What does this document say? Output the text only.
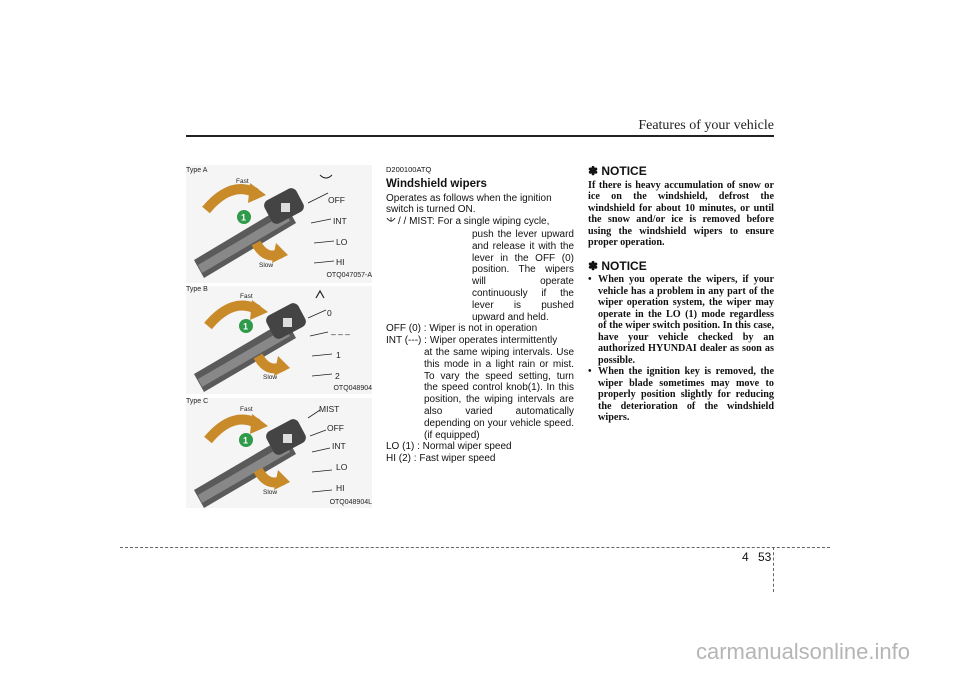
Features of your vehicle
1
Type A
Fast
Slow
OFF
INT
LO
HI
OTQ047057-A
1
Type B
Fast
Slow
0
– – –
1
2
OTQ048904
1
Type C
Fast
Slow
MIST
OFF
INT
LO
HI
OTQ048904L
D200100ATQ
Windshield wipers

Operates as follows when the ignition switch is turned ON.

/ / MIST: For a single wiping cycle,

push the lever upward and release it with the lever in the OFF (0) position. The wipers will operate continuously if the lever is pushed upward and held.

OFF (0) : Wiper is not in operation

INT (---) : Wiper operates intermittently

at the same wiping intervals. Use this mode in a light rain or mist. To vary the speed setting, turn the speed control knob(1). In this position, the wiping intervals are also varied automatically depending on your vehicle speed. (if equipped)

LO (1) : Normal wiper speed

HI (2) : Fast wiper speed

✽ NOTICE

If there is heavy accumulation of snow or ice on the windshield, defrost the windshield for about 10 minutes, or until the snow and/or ice is removed before using the windshield wipers to ensure proper operation.

✽ NOTICE
• When you operate the wipers, if your vehicle has a problem in any part of the wiper operation system, the wiper may operate in the LO (1) mode regardless of the wiper switch position. In this case, have your vehicle checked by an authorized HYUNDAI dealer as soon as possible.
• When the ignition key is removed, the wiper blade sometimes may move to properly position slightly for reducing the deterioration of the windshield wipers.
4 53
carmanualsonline.info
